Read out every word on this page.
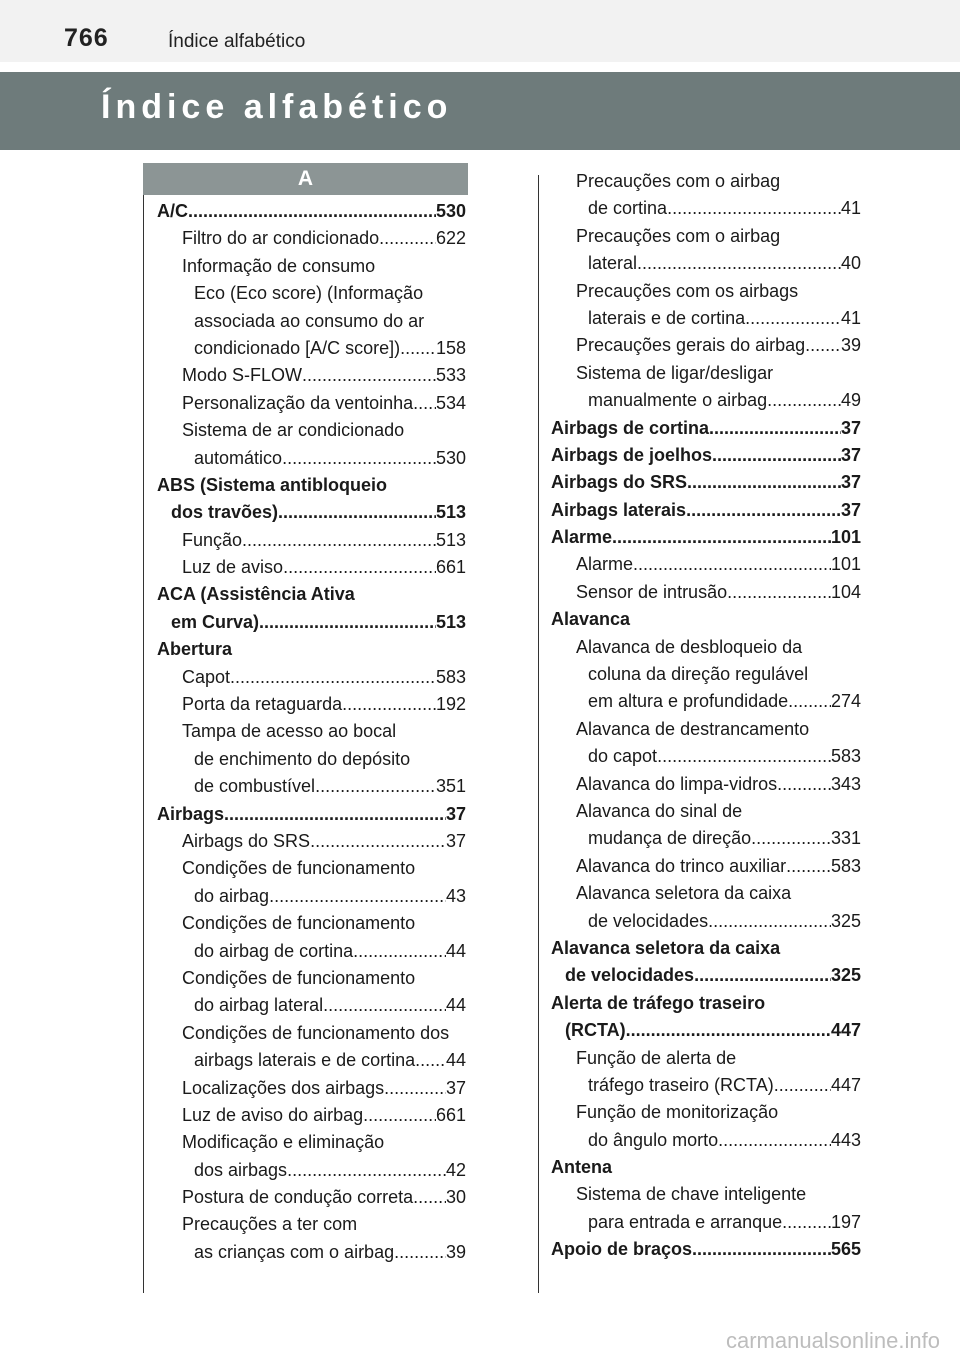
766	Índice alfabético
Índice alfabético
A
A/C .....	530
Filtro do ar condicionado .....	622
Informação de consumo
Eco (Eco score) (Informação
associada ao consumo do ar
condicionado [A/C score]) ..... 158
Modo S-FLOW .....	533
Personalização da ventoinha ..... 534
Sistema de ar condicionado
automático .....	530
ABS (Sistema antibloqueio
dos travões) .....	513
Função .....	513
Luz de aviso .....	661
ACA (Assistência Ativa
em Curva) .....	513
Abertura
Capot .....	583
Porta da retaguarda .....	192
Tampa de acesso ao bocal
de enchimento do depósito
de combustível .....	351
Airbags .....	37
Airbags do SRS .....	37
Condições de funcionamento
do airbag .....	43
Condições de funcionamento
do airbag de cortina .....	44
Condições de funcionamento
do airbag lateral .....	44
Condições de funcionamento dos
airbags laterais e de cortina ..... 44
Localizações dos airbags .....	37
Luz de aviso do airbag .....	661
Modificação e eliminação
dos airbags .....	42
Postura de condução correta ..... 30
Precauções a ter com
as crianças com o airbag .....	39
Precauções com o airbag
de cortina .....	41
Precauções com o airbag
lateral .....	40
Precauções com os airbags
laterais e de cortina .....	41
Precauções gerais do airbag ..... 39
Sistema de ligar/desligar
manualmente o airbag .....	49
Airbags de cortina .....	37
Airbags de joelhos .....	37
Airbags do SRS .....	37
Airbags laterais .....	37
Alarme .....	101
Alarme .....	101
Sensor de intrusão .....	104
Alavanca
Alavanca de desbloqueio da
coluna da direção regulável
em altura e profundidade ..... 274
Alavanca de destrancamento
do capot .....	583
Alavanca do limpa-vidros .....	343
Alavanca do sinal de
mudança de direção .....	331
Alavanca do trinco auxiliar ..... 583
Alavanca seletora da caixa
de velocidades .....	325
Alavanca seletora da caixa
de velocidades .....	325
Alerta de tráfego traseiro
(RCTA) .....	447
Função de alerta de
tráfego traseiro (RCTA) .....	447
Função de monitorização
do ângulo morto .....	443
Antena
Sistema de chave inteligente
para entrada e arranque .....	197
Apoio de braços .....	565
carmanualsonline.info
